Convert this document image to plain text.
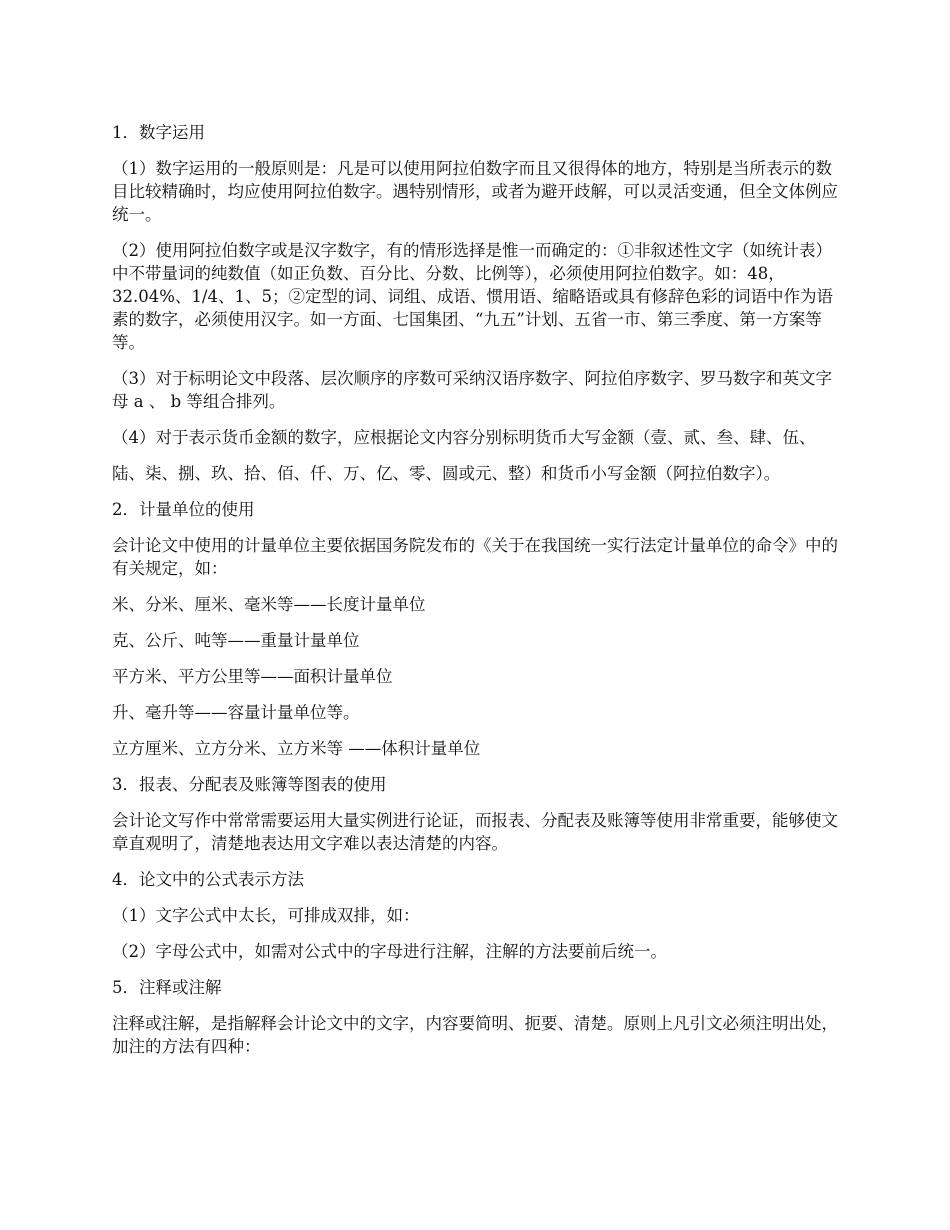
1．数字运用
（1）数字运用的一般原则是：凡是可以使用阿拉伯数字而且又很得体的地方，特别是当所表示的数目比较精确时，均应使用阿拉伯数字。遇特别情形，或者为避开歧解，可以灵活变通，但全文体例应统一。
（2）使用阿拉伯数字或是汉字数字，有的情形选择是惟一而确定的：①非叙述性文字（如统计表）中不带量词的纯数值（如正负数、百分比、分数、比例等），必须使用阿拉伯数字。如：48，32.04%、1/4、1、5；②定型的词、词组、成语、惯用语、缩略语或具有修辞色彩的词语中作为语素的数字，必须使用汉字。如一方面、七国集团、“九五”计划、五省一市、第三季度、第一方案等等。
（3）对于标明论文中段落、层次顺序的序数可采纳汉语序数字、阿拉伯序数字、罗马数字和英文字母 a 、 b 等组合排列。
（4）对于表示货币金额的数字，应根据论文内容分别标明货币大写金额（壹、贰、叁、肆、伍、
陆、柒、捌、玖、拾、佰、仟、万、亿、零、圆或元、整）和货币小写金额（阿拉伯数字）。
2．计量单位的使用
会计论文中使用的计量单位主要依据国务院发布的《关于在我国统一实行法定计量单位的命令》中的有关规定，如：
米、分米、厘米、毫米等——长度计量单位
克、公斤、吨等——重量计量单位
平方米、平方公里等——面积计量单位
升、毫升等——容量计量单位等。
立方厘米、立方分米、立方米等 ——体积计量单位
3．报表、分配表及账簿等图表的使用
会计论文写作中常常需要运用大量实例进行论证，而报表、分配表及账簿等使用非常重要，能够使文章直观明了，清楚地表达用文字难以表达清楚的内容。
4．论文中的公式表示方法
（1）文字公式中太长，可排成双排，如：
（2）字母公式中，如需对公式中的字母进行注解，注解的方法要前后统一。
5．注释或注解
注释或注解，是指解释会计论文中的文字，内容要简明、扼要、清楚。原则上凡引文必须注明出处，加注的方法有四种：
